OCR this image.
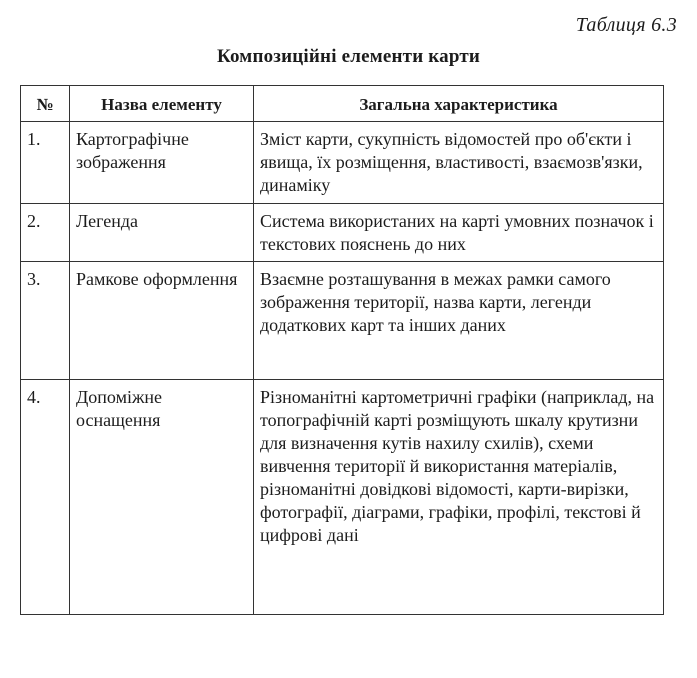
Таблиця 6.3
Композиційні елементи карти
№	Назва елементу	Загальна характеристика
1.	Картографічне зображення	Зміст карти, сукупність відомостей про об'єкти і явища, їх розміщення, властивості, взаємозв'язки, динаміку
2.	Легенда	Система використаних на карті умовних позначок і текстових пояснень до них
3.	Рамкове оформлення	Взаємне розташування в межах рамки самого зображення території, назва карти, легенди додаткових карт та інших даних
4.	Допоміжне оснащення	Різноманітні картометричні графіки (наприклад, на топографічній карті розміщують шкалу крутизни для визначення кутів нахилу схилів), схеми вивчення території й використання матеріалів, різноманітні довідкові відомості, карти-вирізки, фотографії, діаграми, графіки, профілі, текстові й цифрові дані
